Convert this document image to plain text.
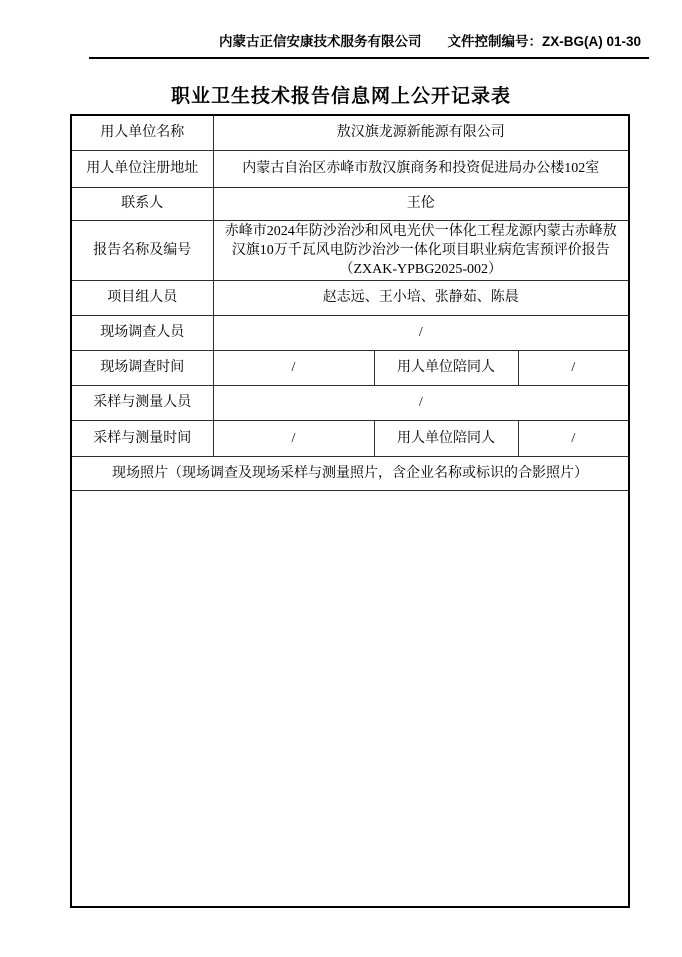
内蒙古正信安康技术服务有限公司 文件控制编号：ZX-BG(A) 01-30
职业卫生技术报告信息网上公开记录表
用人单位名称	敖汉旗龙源新能源有限公司		
用人单位注册地址	内蒙古自治区赤峰市敖汉旗商务和投资促进局办公楼102室		
联系人	王伦		
报告名称及编号	赤峰市2024年防沙治沙和风电光伏一体化工程龙源内蒙古赤峰敖汉旗10万千瓦风电防沙治沙一体化项目职业病危害预评价报告（ZXAK-YPBG2025-002）		
项目组人员	赵志远、王小培、张静茹、陈晨		
现场调查人员	/		
现场调查时间	/	用人单位陪同人	/
采样与测量人员	/		
采样与测量时间	/	用人单位陪同人	/
现场照片（现场调查及现场采样与测量照片，含企业名称或标识的合影照片）			
